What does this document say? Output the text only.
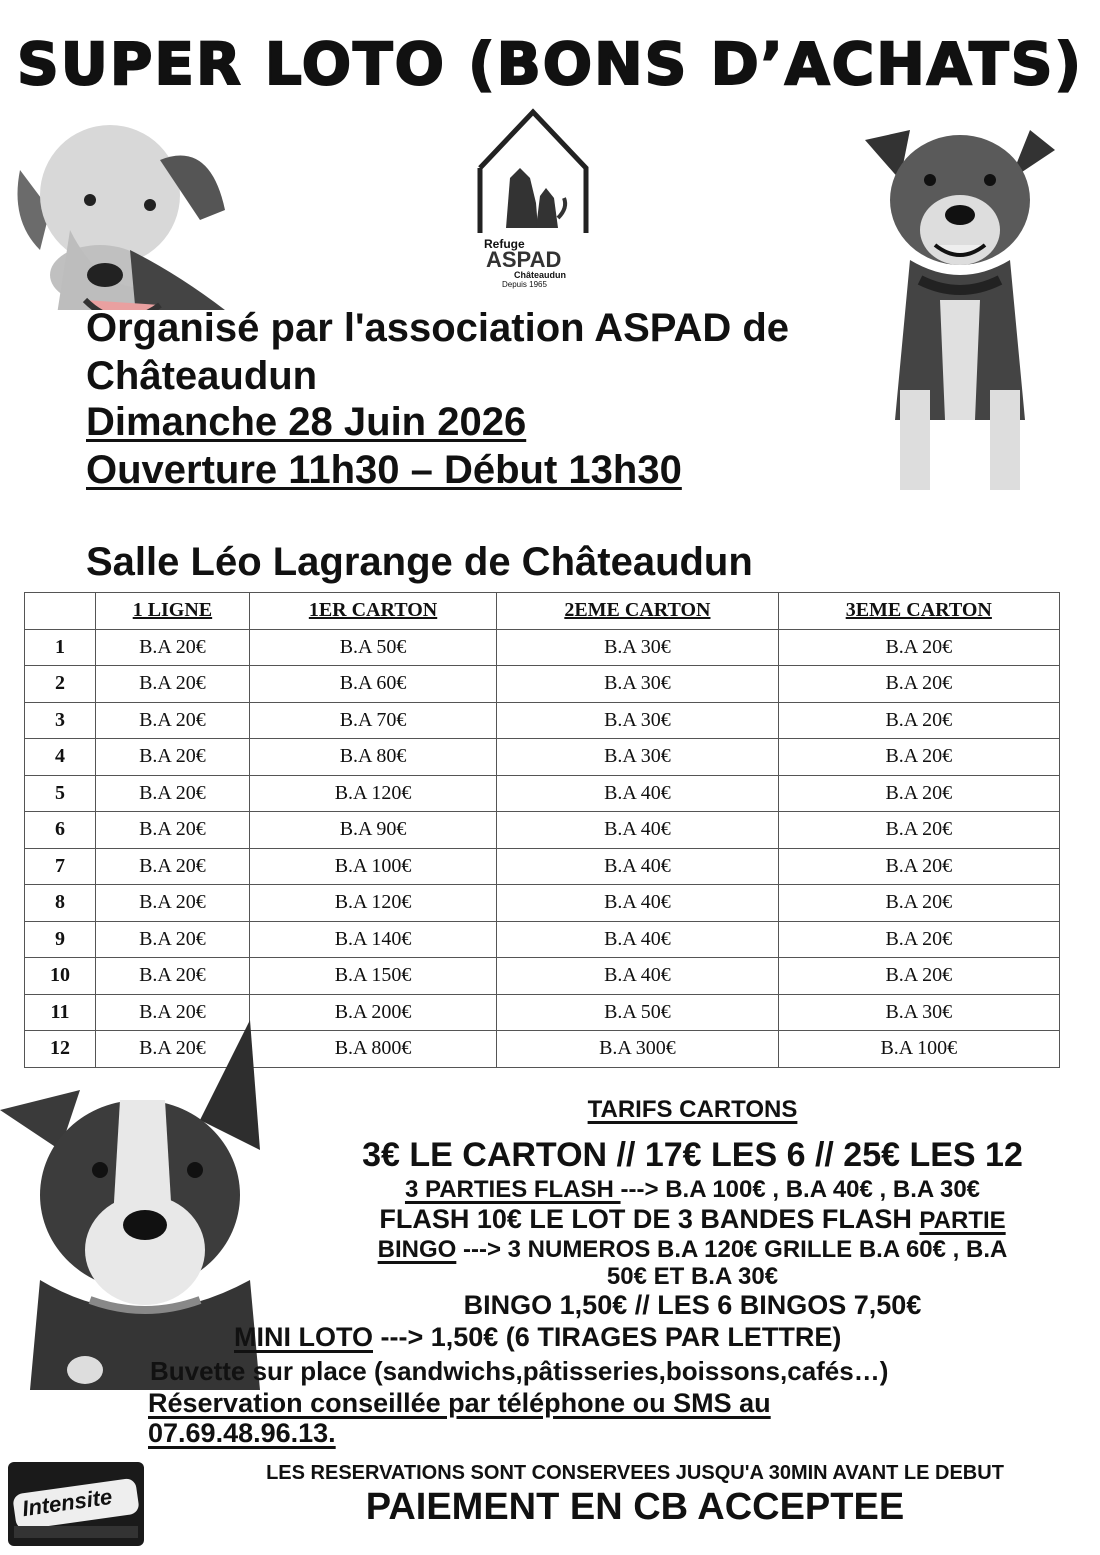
SUPER LOTO (BONS D’ACHATS)
Refuge
ASPAD
Châteaudun
Depuis 1965
Organisé par l'association ASPAD de
Châteaudun
Dimanche 28 Juin 2026
Ouverture 11h30 – Début 13h30
Salle Léo Lagrange de Châteaudun
	1 LIGNE	1ER CARTON	2EME CARTON	3EME CARTON
1	B.A 20€	B.A 50€	B.A 30€	B.A 20€
2	B.A 20€	B.A 60€	B.A 30€	B.A 20€
3	B.A 20€	B.A 70€	B.A 30€	B.A 20€
4	B.A 20€	B.A 80€	B.A 30€	B.A 20€
5	B.A 20€	B.A 120€	B.A 40€	B.A 20€
6	B.A 20€	B.A 90€	B.A 40€	B.A 20€
7	B.A 20€	B.A 100€	B.A 40€	B.A 20€
8	B.A 20€	B.A 120€	B.A 40€	B.A 20€
9	B.A 20€	B.A 140€	B.A 40€	B.A 20€
10	B.A 20€	B.A 150€	B.A 40€	B.A 20€
11	B.A 20€	B.A 200€	B.A 50€	B.A 30€
12	B.A 20€	B.A 800€	B.A 300€	B.A 100€
TARIFS CARTONS
3€ LE CARTON // 17€ LES 6 // 25€ LES 12
3 PARTIES FLASH ---> B.A 100€ , B.A 40€ , B.A 30€
FLASH 10€ LE LOT DE 3 BANDES FLASH PARTIE
BINGO ---> 3 NUMEROS B.A 120€ GRILLE B.A 60€ , B.A
50€ ET B.A 30€
BINGO 1,50€ // LES 6 BINGOS 7,50€
MINI LOTO ---> 1,50€ (6 TIRAGES PAR LETTRE)
Buvette sur place (sandwichs,pâtisseries,boissons,cafés…)
Réservation conseillée par téléphone ou SMS au
07.69.48.96.13.
Intensite
LES RESERVATIONS SONT CONSERVEES JUSQU'A 30MIN AVANT LE DEBUT
PAIEMENT EN CB ACCEPTEE
